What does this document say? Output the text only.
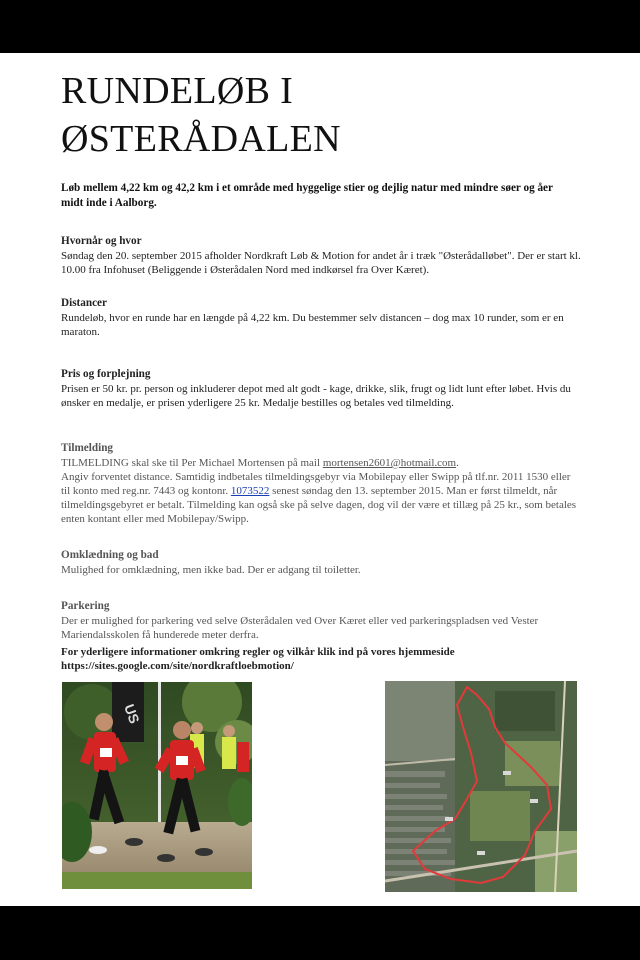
RUNDELØB I
ØSTERÅDALEN

Løb mellem 4,22 km og 42,2 km i et område med hyggelige stier og dejlig natur med mindre søer og åer midt inde i Aalborg.

Hvornår og hvor

Søndag den 20. september 2015 afholder Nordkraft Løb & Motion for andet år i træk "Østerådalløbet". Der er start kl. 10.00 fra Infohuset (Beliggende i Østerådalen Nord med indkørsel fra Over Kæret).

Distancer

Rundeløb, hvor en runde har en længde på 4,22 km. Du bestemmer selv distancen – dog max 10 runder, som er en maraton.

Pris og forplejning

Prisen er 50 kr. pr. person og inkluderer depot med alt godt - kage, drikke, slik, frugt og lidt lunt efter løbet. Hvis du ønsker en medalje, er prisen yderligere 25 kr. Medalje bestilles og betales ved tilmelding.

Tilmelding

TILMELDING skal ske til Per Michael Mortensen på mail mortensen2601@hotmail.com.

Angiv forventet distance. Samtidig indbetales tilmeldingsgebyr via Mobilepay eller Swipp på tlf.nr. 2011 1530 eller til konto med reg.nr. 7443 og kontonr. 1073522 senest søndag den 13. september 2015. Man er først tilmeldt, når tilmeldingsgebyret er betalt. Tilmelding kan også ske på selve dagen, dog vil der være et tillæg på 25 kr., som betales enten kontant eller med Mobilepay/Swipp.

Omklædning og bad

Mulighed for omklædning, men ikke bad. Der er adgang til toiletter.

Parkering

Der er mulighed for parkering ved selve Østerådalen ved Over Kæret eller ved parkeringspladsen ved Vester Mariendalsskolen få hunderede meter derfra.

For yderligere informationer omkring regler og vilkår klik ind på vores hjemmeside
https://sites.google.com/site/nordkraftloebmotion/

US
